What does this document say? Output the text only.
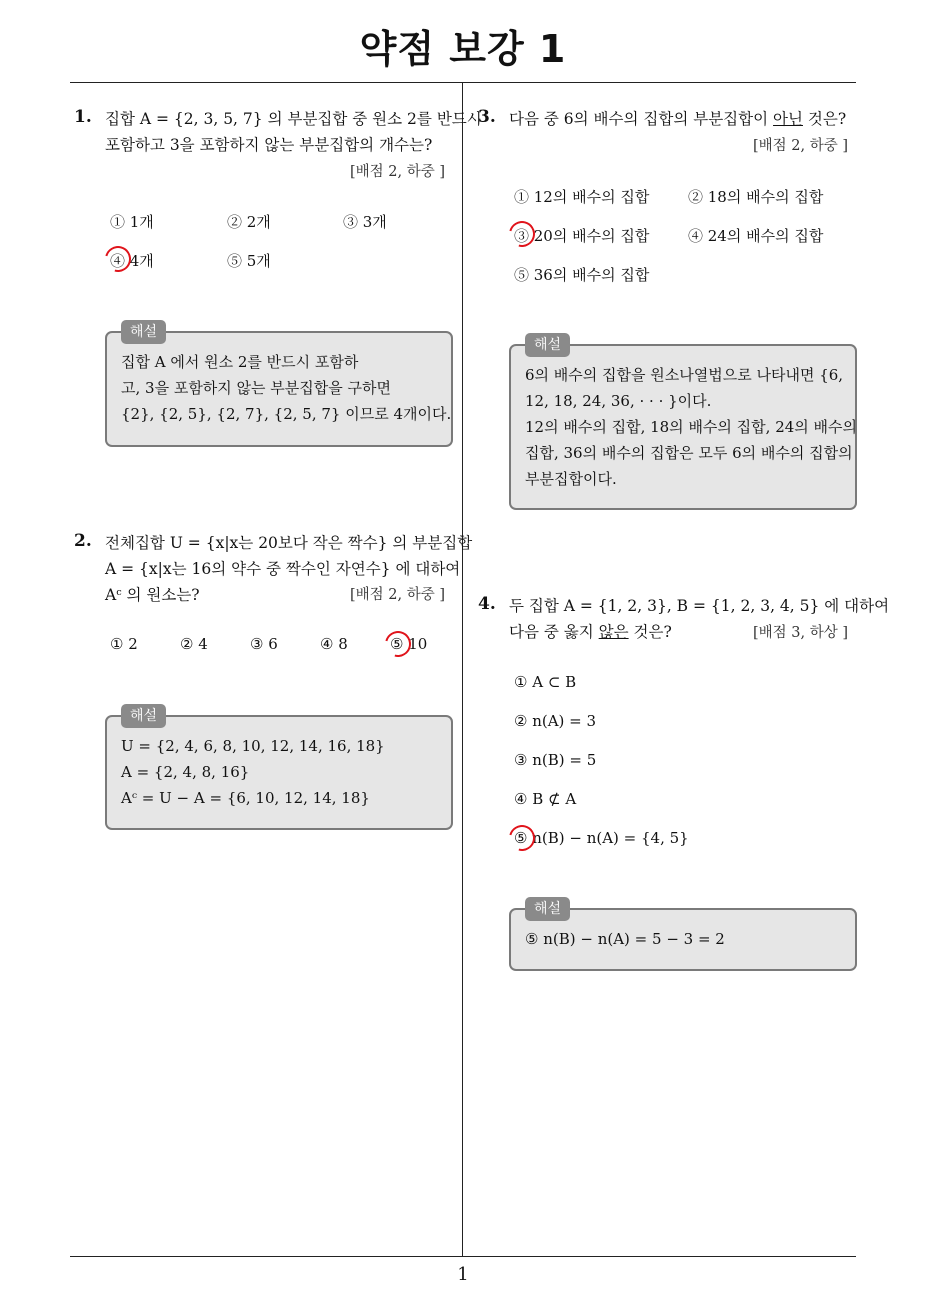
약점 보강 1
1
1. 집합 A = {2, 3, 5, 7} 의 부분집합 중 원소 2를 반드시
포함하고 3을 포함하지 않는 부분집합의 개수는?
[배점 2, 하중 ]
① 1개	② 2개	③ 3개
④ 4개	⑤ 5개
해설
집합 A 에서 원소 2를 반드시 포함하
고, 3을 포함하지 않는 부분집합을 구하면
{2}, {2, 5}, {2, 7}, {2, 5, 7} 이므로 4개이다.
2. 전체집합 U = {x|x는 20보다 작은 짝수} 의 부분집합
A = {x|x는 16의 약수 중 짝수인 자연수} 에 대하여
Aᶜ 의 원소는?	[배점 2, 하중 ]
① 2	② 4	③ 6	④ 8	⑤ 10
해설
U = {2, 4, 6, 8, 10, 12, 14, 16, 18}
A = {2, 4, 8, 16}
Aᶜ = U − A = {6, 10, 12, 14, 18}
3. 다음 중 6의 배수의 집합의 부분집합이 아닌 것은?
[배점 2, 하중 ]
① 12의 배수의 집합	② 18의 배수의 집합
③ 20의 배수의 집합	④ 24의 배수의 집합
⑤ 36의 배수의 집합
해설
6의 배수의 집합을 원소나열법으로 나타내면 {6,
12, 18, 24, 36, · · · }이다.
12의 배수의 집합, 18의 배수의 집합, 24의 배수의
집합, 36의 배수의 집합은 모두 6의 배수의 집합의
부분집합이다.
4. 두 집합 A = {1, 2, 3}, B = {1, 2, 3, 4, 5} 에 대하여
다음 중 옳지 않은 것은?	[배점 3, 하상 ]
① A ⊂ B
② n(A) = 3
③ n(B) = 5
④ B ⊄ A
⑤ n(B) − n(A) = {4, 5}
해설
⑤ n(B) − n(A) = 5 − 3 = 2
